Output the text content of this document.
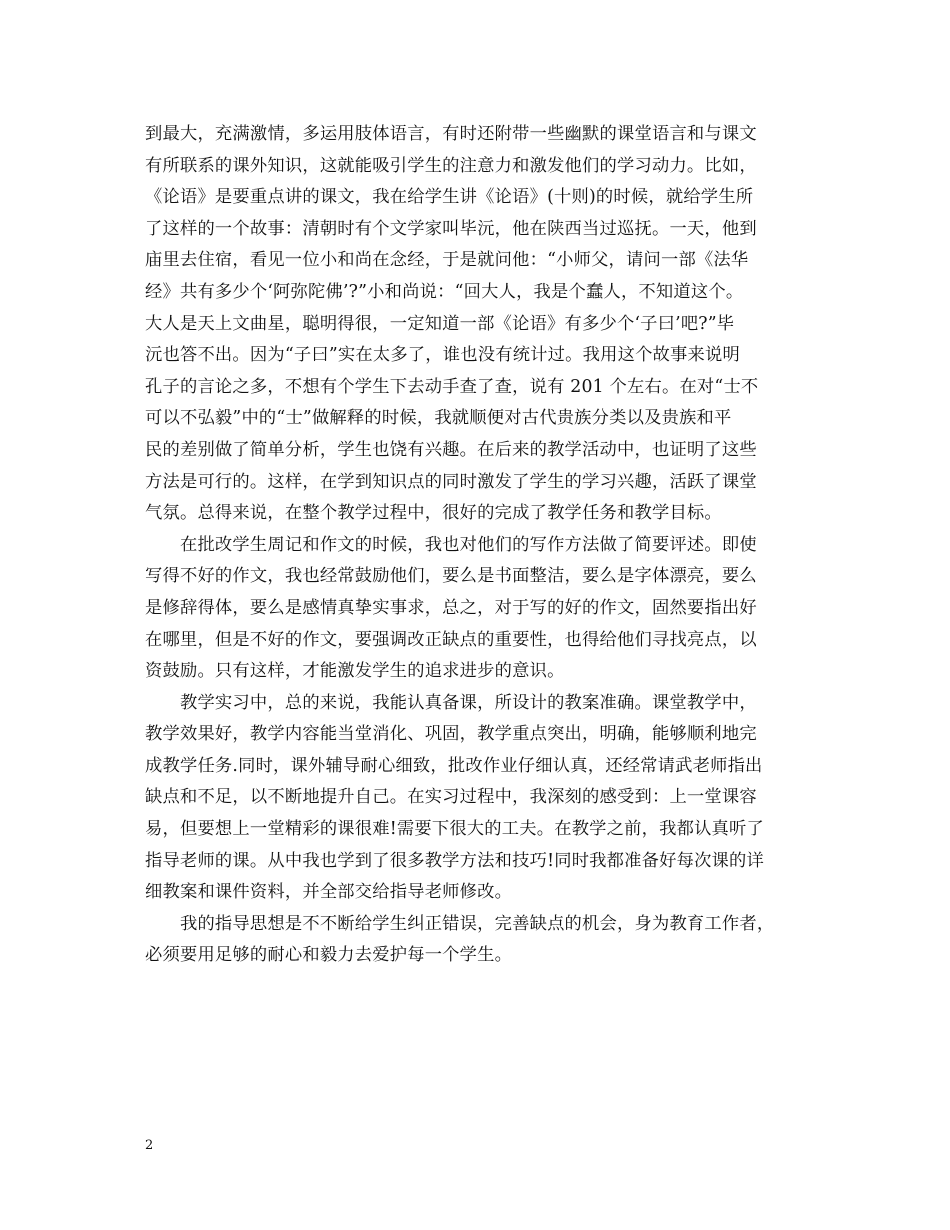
到最大，充满激情，多运用肢体语言，有时还附带一些幽默的课堂语言和与课文
有所联系的课外知识，这就能吸引学生的注意力和激发他们的学习动力。比如，
《论语》是要重点讲的课文，我在给学生讲《论语》(十则)的时候，就给学生所
了这样的一个故事：清朝时有个文学家叫毕沅，他在陕西当过巡抚。一天，他到
庙里去住宿，看见一位小和尚在念经，于是就问他：“小师父，请问一部《法华
经》共有多少个‘阿弥陀佛’?”小和尚说：“回大人，我是个蠢人，不知道这个。
大人是天上文曲星，聪明得很，一定知道一部《论语》有多少个‘子曰’吧?”毕
沅也答不出。因为“子曰”实在太多了，谁也没有统计过。我用这个故事来说明
孔子的言论之多，不想有个学生下去动手查了查，说有 201 个左右。在对“士不
可以不弘毅”中的“士”做解释的时候，我就顺便对古代贵族分类以及贵族和平
民的差别做了简单分析，学生也饶有兴趣。在后来的教学活动中，也证明了这些
方法是可行的。这样，在学到知识点的同时激发了学生的学习兴趣，活跃了课堂
气氛。总得来说，在整个教学过程中，很好的完成了教学任务和教学目标。
　　在批改学生周记和作文的时候，我也对他们的写作方法做了简要评述。即使
写得不好的作文，我也经常鼓励他们，要么是书面整洁，要么是字体漂亮，要么
是修辞得体，要么是感情真挚实事求，总之，对于写的好的作文，固然要指出好
在哪里，但是不好的作文，要强调改正缺点的重要性，也得给他们寻找亮点，以
资鼓励。只有这样，才能激发学生的追求进步的意识。
　　教学实习中，总的来说，我能认真备课，所设计的教案准确。课堂教学中，
教学效果好，教学内容能当堂消化、巩固，教学重点突出，明确，能够顺利地完
成教学任务.同时，课外辅导耐心细致，批改作业仔细认真，还经常请武老师指出
缺点和不足，以不断地提升自己。在实习过程中，我深刻的感受到：上一堂课容
易，但要想上一堂精彩的课很难!需要下很大的工夫。在教学之前，我都认真听了
指导老师的课。从中我也学到了很多教学方法和技巧!同时我都准备好每次课的详
细教案和课件资料，并全部交给指导老师修改。
　　我的指导思想是不不断给学生纠正错误，完善缺点的机会，身为教育工作者，
必须要用足够的耐心和毅力去爱护每一个学生。
2
